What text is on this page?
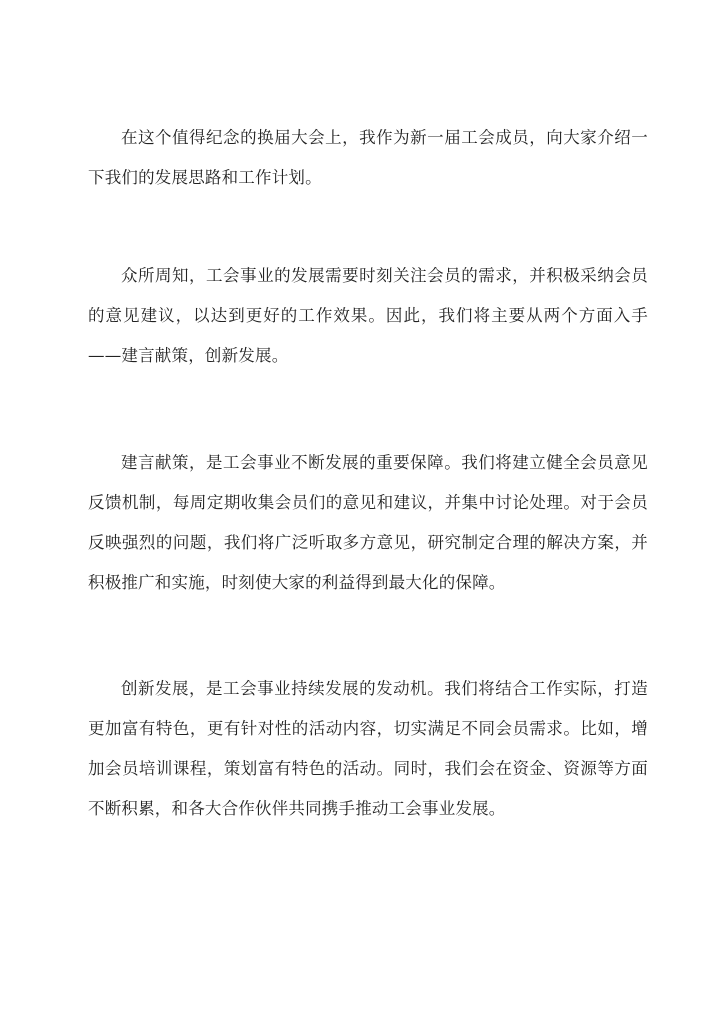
在这个值得纪念的换届大会上，我作为新一届工会成员，向大家介绍一下我们的发展思路和工作计划。

众所周知，工会事业的发展需要时刻关注会员的需求，并积极采纳会员的意见建议，以达到更好的工作效果。因此，我们将主要从两个方面入手——建言献策，创新发展。

建言献策，是工会事业不断发展的重要保障。我们将建立健全会员意见反馈机制，每周定期收集会员们的意见和建议，并集中讨论处理。对于会员反映强烈的问题，我们将广泛听取多方意见，研究制定合理的解决方案，并积极推广和实施，时刻使大家的利益得到最大化的保障。

创新发展，是工会事业持续发展的发动机。我们将结合工作实际，打造更加富有特色，更有针对性的活动内容，切实满足不同会员需求。比如，增加会员培训课程，策划富有特色的活动。同时，我们会在资金、资源等方面不断积累，和各大合作伙伴共同携手推动工会事业发展。
